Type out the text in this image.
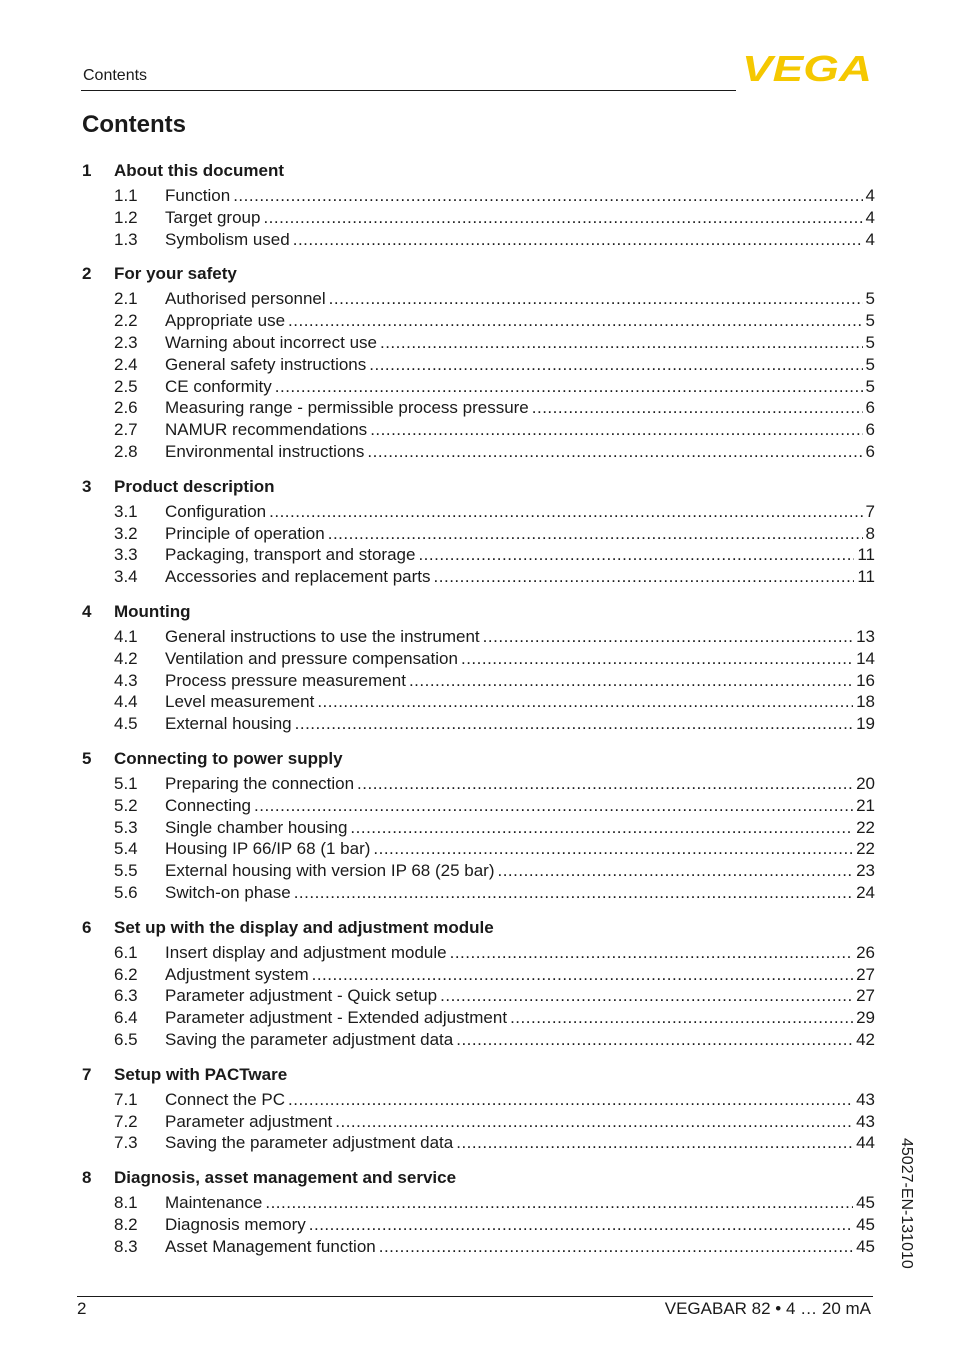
Contents	VEGA
Contents
1	About this document
1.1	Function .....	4
1.2	Target group .....	4
1.3	Symbolism used .....	4
2	For your safety
2.1	Authorised personnel .....	5
2.2	Appropriate use .....	5
2.3	Warning about incorrect use .....	5
2.4	General safety instructions .....	5
2.5	CE conformity .....	5
2.6	Measuring range - permissible process pressure .....	6
2.7	NAMUR recommendations .....	6
2.8	Environmental instructions .....	6
3	Product description
3.1	Configuration .....	7
3.2	Principle of operation .....	8
3.3	Packaging, transport and storage .....	11
3.4	Accessories and replacement parts .....	11
4	Mounting
4.1	General instructions to use the instrument .....	13
4.2	Ventilation and pressure compensation .....	14
4.3	Process pressure measurement .....	16
4.4	Level measurement .....	18
4.5	External housing .....	19
5	Connecting to power supply
5.1	Preparing the connection .....	20
5.2	Connecting .....	21
5.3	Single chamber housing .....	22
5.4	Housing IP 66/IP 68 (1 bar) .....	22
5.5	External housing with version IP 68 (25 bar) .....	23
5.6	Switch-on phase .....	24
6	Set up with the display and adjustment module
6.1	Insert display and adjustment module .....	26
6.2	Adjustment system .....	27
6.3	Parameter adjustment - Quick setup .....	27
6.4	Parameter adjustment - Extended adjustment .....	29
6.5	Saving the parameter adjustment data .....	42
7	Setup with PACTware
7.1	Connect the PC .....	43
7.2	Parameter adjustment .....	43
7.3	Saving the parameter adjustment data .....	44
8	Diagnosis, asset management and service
8.1	Maintenance .....	45
8.2	Diagnosis memory .....	45
8.3	Asset Management function .....	45 45027-EN-131010
2	VEGABAR 82 • 4 … 20 mA
